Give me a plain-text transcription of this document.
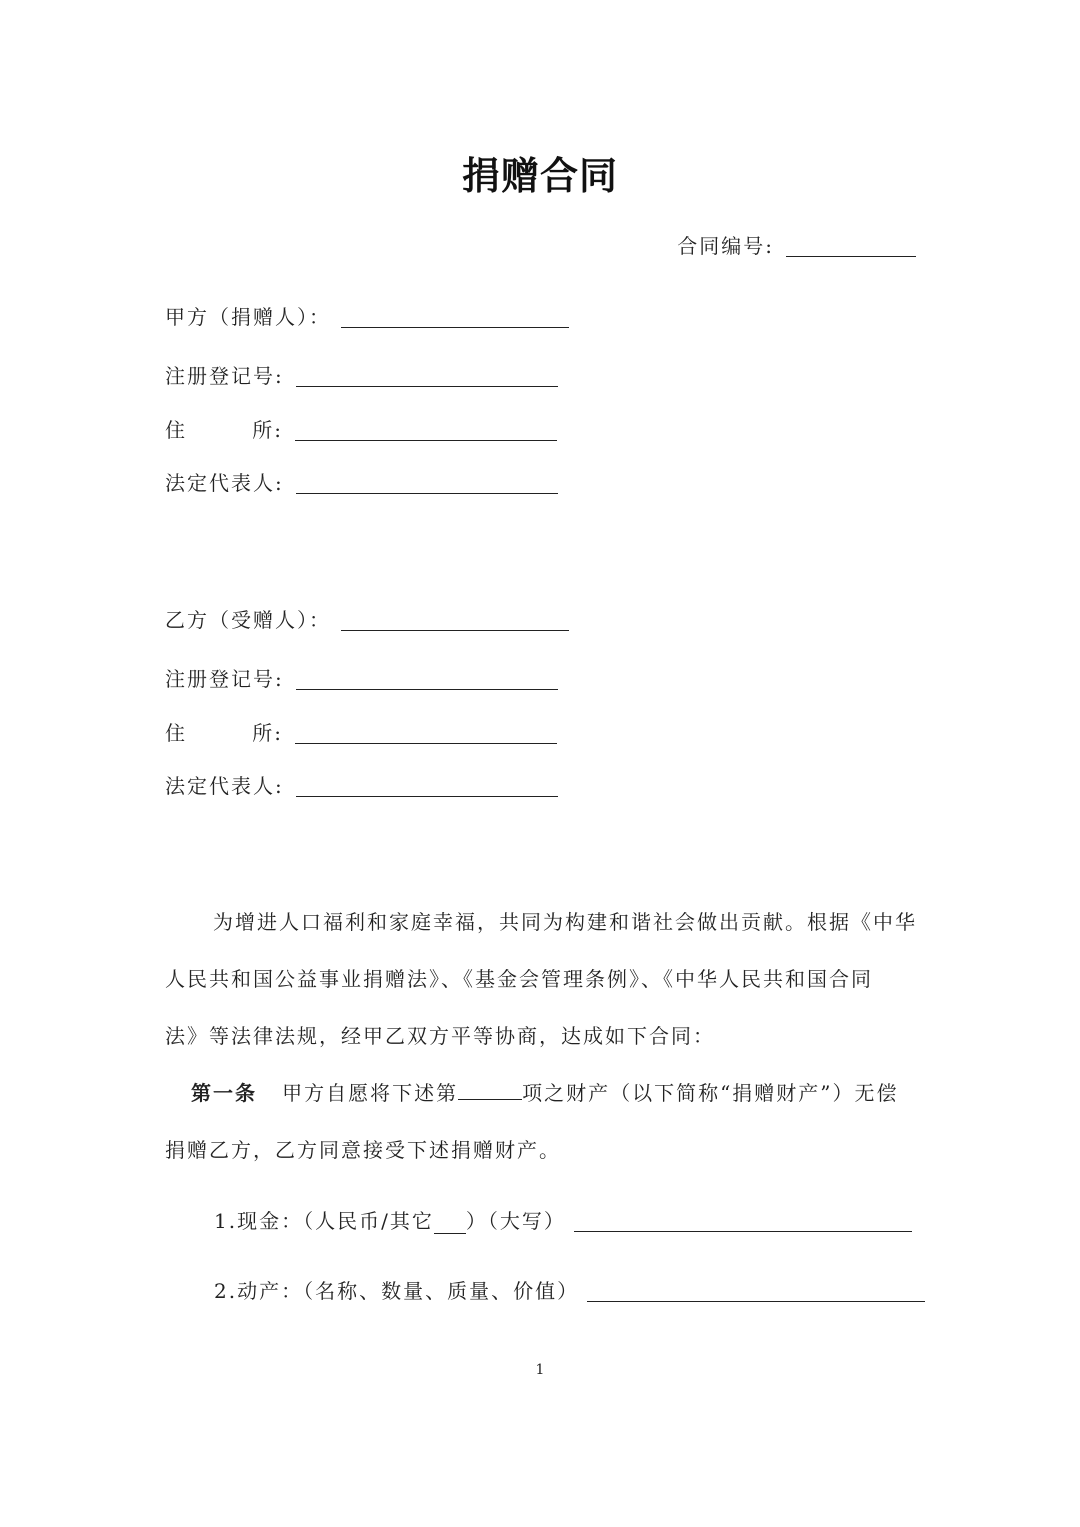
捐赠合同
合同编号:
甲方（捐赠人）：
注册登记号:
住	所:
法定代表人:
乙方（受赠人）：
注册登记号:
住	所:
法定代表人:
为增进人口福利和家庭幸福，共同为构建和谐社会做出贡献。根据《中华
人民共和国公益事业捐赠法》、《基金会管理条例》、《中华人民共和国合同
法》等法律法规，经甲乙双方平等协商，达成如下合同：
第一条 甲方自愿将下述第	项之财产（以下简称“捐赠财产”）无偿
捐赠乙方，乙方同意接受下述捐赠财产。
1.现金：（人民币/其它 ）（大写）
2.动产：（名称、数量、质量、价值）
1
